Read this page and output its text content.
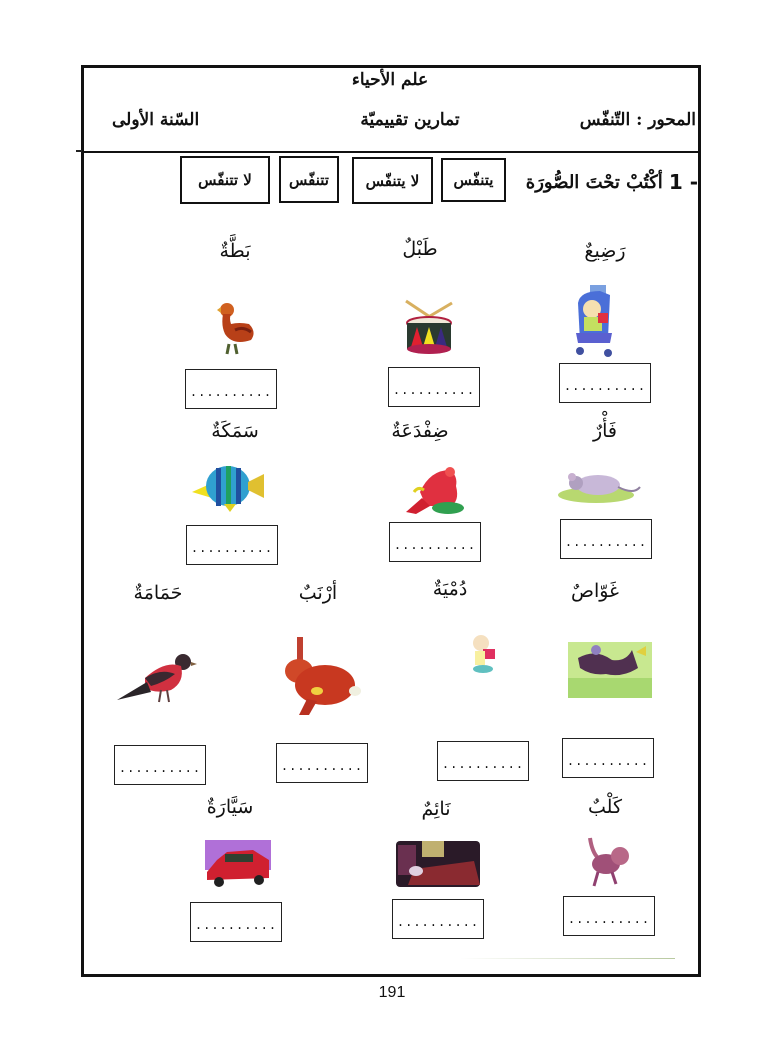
علم الأحياء
المحور : التّنفّس
تمارين تقييميّة
السّنة الأولى
1 -
أكْتُبْ تحْتَ الصُّورَة
يتنفّس
لا يتنفّس
تتنفّس
لا تتنفّس
رَضِيعٌ
طَبْلٌ
بَطَّةٌ
..........
..........
..........
فَأْرٌ
ضِفْدَعَةٌ
سَمَكَةٌ
..........
..........
..........
غَوّاصٌ
دُمْيَةٌ
أرْنَبٌ
حَمَامَةٌ
..........
..........
..........
..........
كَلْبٌ
نَائِمٌ
سَيَّارَةٌ
..........
..........
..........
191
